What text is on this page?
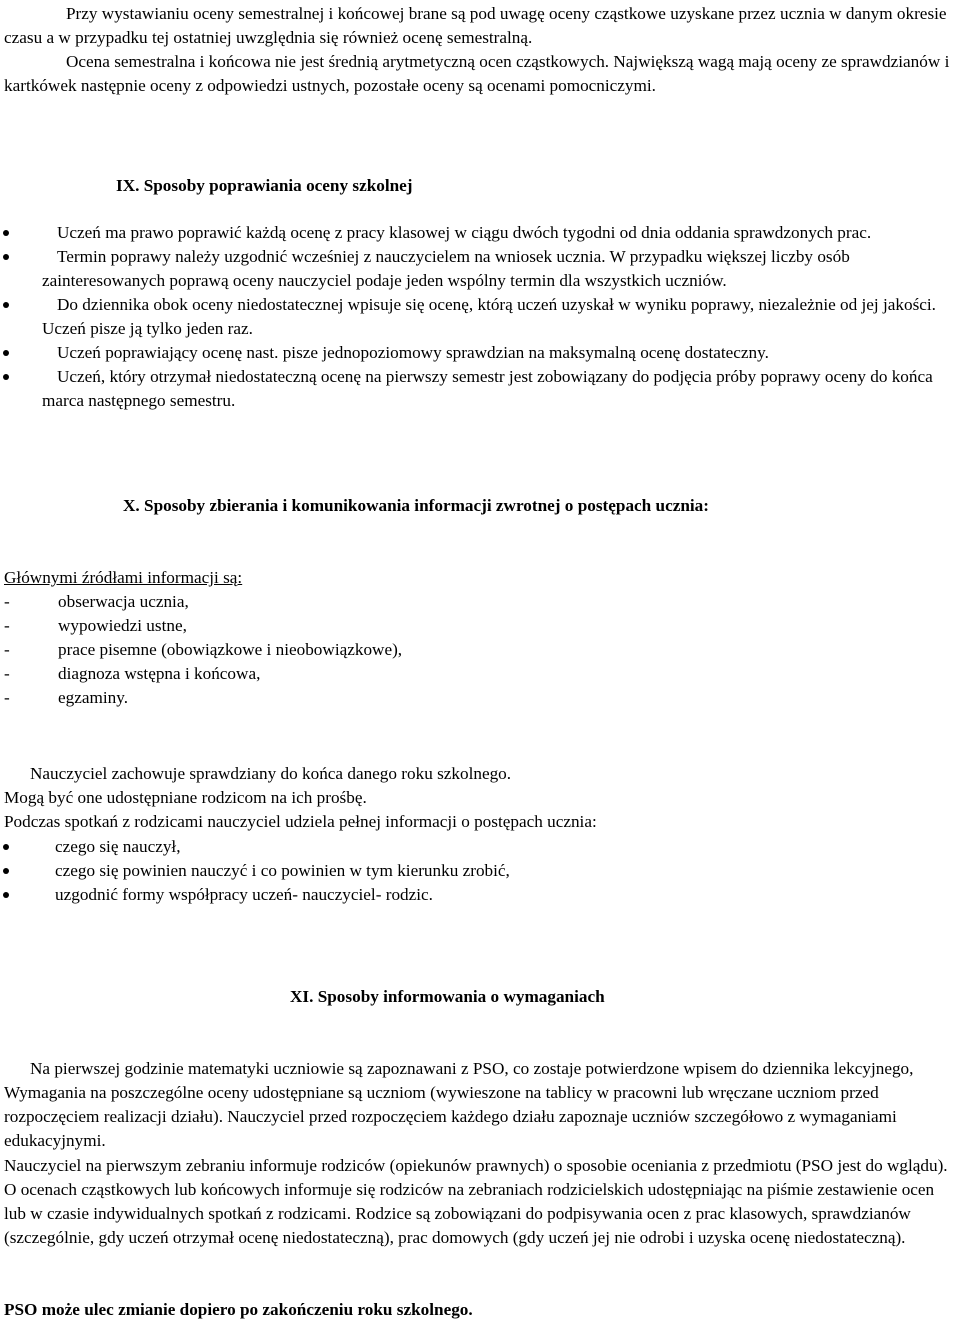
Przy wystawianiu oceny semestralnej i końcowej brane są pod uwagę oceny cząstkowe uzyskane przez ucznia w danym okresie czasu a w przypadku tej ostatniej uwzględnia się również ocenę semestralną.

Ocena semestralna i końcowa nie jest średnią arytmetyczną ocen cząstkowych. Największą wagą mają oceny ze sprawdzianów i kartkówek następnie oceny z odpowiedzi ustnych, pozostałe oceny są ocenami pomocniczymi.

IX. Sposoby poprawiania oceny szkolnej
Uczeń ma prawo poprawić każdą ocenę z pracy klasowej w ciągu dwóch tygodni od dnia oddania sprawdzonych prac.
Termin poprawy należy uzgodnić wcześniej z nauczycielem na wniosek ucznia. W przypadku większej liczby osób zainteresowanych poprawą oceny nauczyciel podaje jeden wspólny termin dla wszystkich uczniów.
Do dziennika obok oceny niedostatecznej wpisuje się ocenę, którą uczeń uzyskał w wyniku poprawy, niezależnie od jej jakości. Uczeń pisze ją tylko jeden raz.
Uczeń poprawiający ocenę nast. pisze jednopoziomowy sprawdzian na maksymalną ocenę dostateczny.
Uczeń, który otrzymał niedostateczną ocenę na pierwszy semestr jest zobowiązany do podjęcia próby poprawy oceny do końca marca następnego semestru.
X. Sposoby zbierania i komunikowania informacji zwrotnej o postępach ucznia:

Głównymi źródłami informacji są:

-	obserwacja ucznia,
-	wypowiedzi ustne,
-	prace pisemne (obowiązkowe i nieobowiązkowe),
-	diagnoza wstępna i końcowa,
-	egzaminy.

Nauczyciel zachowuje sprawdziany do końca danego roku szkolnego.

Mogą być one udostępniane rodzicom na ich prośbę.

Podczas spotkań z rodzicami nauczyciel udziela pełnej informacji o postępach ucznia:

czego się nauczył,
czego się powinien nauczyć i co powinien w tym kierunku zrobić,
uzgodnić formy współpracy uczeń- nauczyciel- rodzic.
XI. Sposoby informowania o wymaganiach

Na pierwszej godzinie matematyki uczniowie są zapoznawani z PSO, co zostaje potwierdzone wpisem do dziennika lekcyjnego, Wymagania na poszczególne oceny udostępniane są uczniom (wywieszone na tablicy w pracowni lub wręczane uczniom przed rozpoczęciem realizacji działu). Nauczyciel przed rozpoczęciem każdego działu zapoznaje uczniów szczegółowo z wymaganiami edukacyjnymi.

Nauczyciel na pierwszym zebraniu informuje rodziców (opiekunów prawnych) o sposobie oceniania z przedmiotu (PSO jest do wglądu). O ocenach cząstkowych lub końcowych informuje się rodziców na zebraniach rodzicielskich udostępniając na piśmie zestawienie ocen lub w czasie indywidualnych spotkań z rodzicami. Rodzice są zobowiązani do podpisywania ocen z prac klasowych, sprawdzianów (szczególnie, gdy uczeń otrzymał ocenę niedostateczną), prac domowych (gdy uczeń jej nie odrobi i uzyska ocenę niedostateczną).

PSO może ulec zmianie dopiero po zakończeniu roku szkolnego.
